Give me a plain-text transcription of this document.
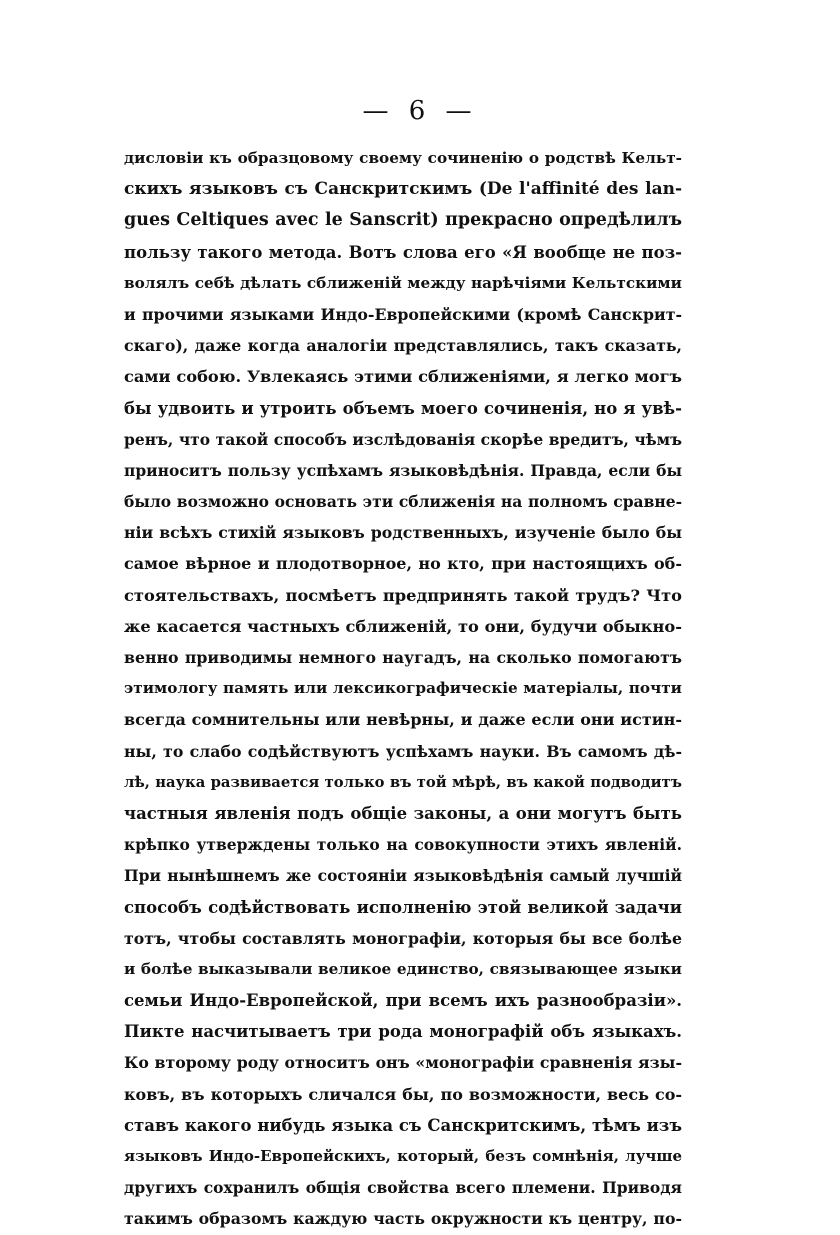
— 6 —
дисловіи къ образцовому своему сочиненію о родствѣ Кельт-
скихъ языковъ съ Санскритскимъ (De l'affinité des lan-
gues Celtiques avec le Sanscrit) прекрасно опредѣлилъ
пользу такого метода. Вотъ слова его «Я вообще не поз-
волялъ себѣ дѣлать сближеній между нарѣчіями Кельтскими
и прочими языками Индо-Европейскими (кромѣ Санскрит-
скаго), даже когда аналогіи представлялись, такъ сказать,
сами собою. Увлекаясь этими сближеніями, я легко могъ
бы удвоить и утроить объемъ моего сочиненія, но я увѣ-
ренъ, что такой способъ изслѣдованія скорѣе вредитъ, чѣмъ
приноситъ пользу успѣхамъ языковѣдѣнія. Правда, если бы
было возможно основать эти сближенія на полномъ сравне-
ніи всѣхъ стихій языковъ родственныхъ, изученіе было бы
самое вѣрное и плодотворное, но кто, при настоящихъ об-
стоятельствахъ, посмѣетъ предпринять такой трудъ? Что
же касается частныхъ сближеній, то они, будучи обыкно-
венно приводимы немного наугадъ, на сколько помогаютъ
этимологу память или лексикографическіе матеріалы, почти
всегда сомнительны или невѣрны, и даже если они истин-
ны, то слабо содѣйствуютъ успѣхамъ науки. Въ самомъ дѣ-
лѣ, наука развивается только въ той мѣрѣ, въ какой подводитъ
частныя явленія подъ общіе законы, а они могутъ быть
крѣпко утверждены только на совокупности этихъ явленій.
При нынѣшнемъ же состояніи языковѣдѣнія самый лучшій
способъ содѣйствовать исполненію этой великой задачи
тотъ, чтобы составлять монографіи, которыя бы все болѣе
и болѣе выказывали великое единство, связывающее языки
семьи Индо-Европейской, при всемъ ихъ разнообразіи».
Пикте насчитываетъ три рода монографій объ языкахъ.
Ко второму роду относитъ онъ «монографіи сравненія язы-
ковъ, въ которыхъ сличался бы, по возможности, весь со-
ставъ какого нибудь языка съ Санскритскимъ, тѣмъ изъ
языковъ Индо-Европейскихъ, который, безъ сомнѣнія, лучше
другихъ сохранилъ общія свойства всего племени. Приводя
такимъ образомъ каждую часть окружности къ центру, по-
